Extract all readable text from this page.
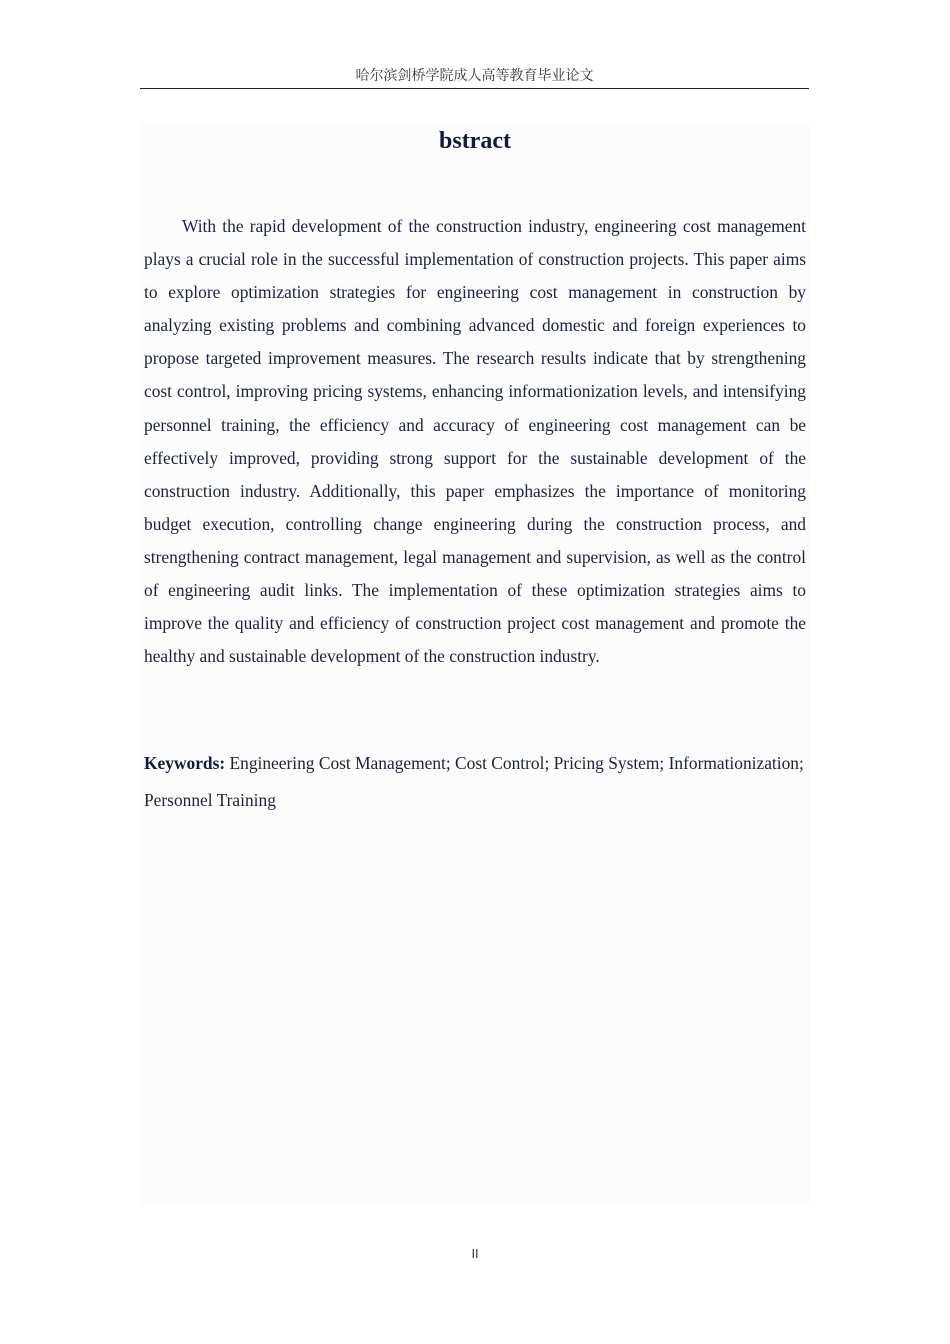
哈尔滨剑桥学院成人高等教育毕业论文
bstract

With the rapid development of the construction industry, engineering cost management plays a crucial role in the successful implementation of construction projects. This paper aims to explore optimization strategies for engineering cost management in construction by analyzing existing problems and combining advanced domestic and foreign experiences to propose targeted improvement measures. The research results indicate that by strengthening cost control, improving pricing systems, enhancing informationization levels, and intensifying personnel training, the efficiency and accuracy of engineering cost management can be effectively improved, providing strong support for the sustainable development of the construction industry. Additionally, this paper emphasizes the importance of monitoring budget execution, controlling change engineering during the construction process, and strengthening contract management, legal management and supervision, as well as the control of engineering audit links. The implementation of these optimization strategies aims to improve the quality and efficiency of construction project cost management and promote the healthy and sustainable development of the construction industry.

Keywords: Engineering Cost Management; Cost Control; Pricing System; Informationization; Personnel Training

II
